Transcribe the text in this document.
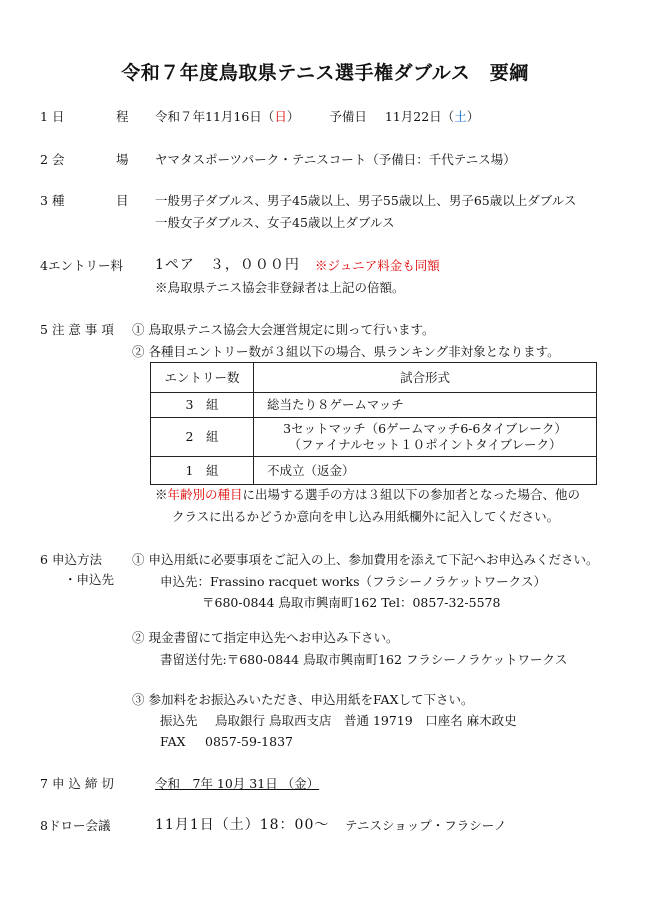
令和７年度鳥取県テニス選手権ダブルス　要綱
1 日	程 令和７年11月16日（日） 予備日 11月22日（土）
2 会	場 ヤマタスポーツパーク・テニスコート（予備日：千代テニス場）
3 種	目 一般男子ダブルス、男子45歳以上、男子55歳以上、男子65歳以上ダブルス
一般女子ダブルス、女子45歳以上ダブルス
4エントリー料 1ペア　３，０００円 ※ジュニア料金も同額
※鳥取県テニス協会非登録者は上記の倍額。
5 注 意 事 項 ① 鳥取県テニス協会大会運営規定に則って行います。
② 各種目エントリー数が３組以下の場合、県ランキング非対象となります。
エントリー数	試合形式
3　組	総当たり８ゲームマッチ
2　組	3セットマッチ（6ゲームマッチ6-6タイブレーク）
（ファイナルセット１０ポイントタイブレーク）

1　組	不成立（返金）
※年齢別の種目に出場する選手の方は３組以下の参加者となった場合、他の
クラスに出るかどうか意向を申し込み用紙欄外に記入してください。
6 申込方法
・申込先
① 申込用紙に必要事項をご記入の上、参加費用を添えて下記へお申込みください。
申込先：Frassino racquet works（フラシーノラケットワークス）
〒680-0844 鳥取市興南町162 Tel：0857-32-5578
② 現金書留にて指定申込先へお申込み下さい。
書留送付先:〒680-0844 鳥取市興南町162 フラシーノラケットワークス
③ 参加料をお振込みいただき、申込用紙をFAXして下さい。
振込先 鳥取銀行 鳥取西支店　普通 19719　口座名 麻木政史
FAX 0857-59-1837
7 申 込 締 切	令和　7年 10月 31日 （金）
8ドロー会議	11月1日（土）18：00～ テニスショップ・フラシーノ
